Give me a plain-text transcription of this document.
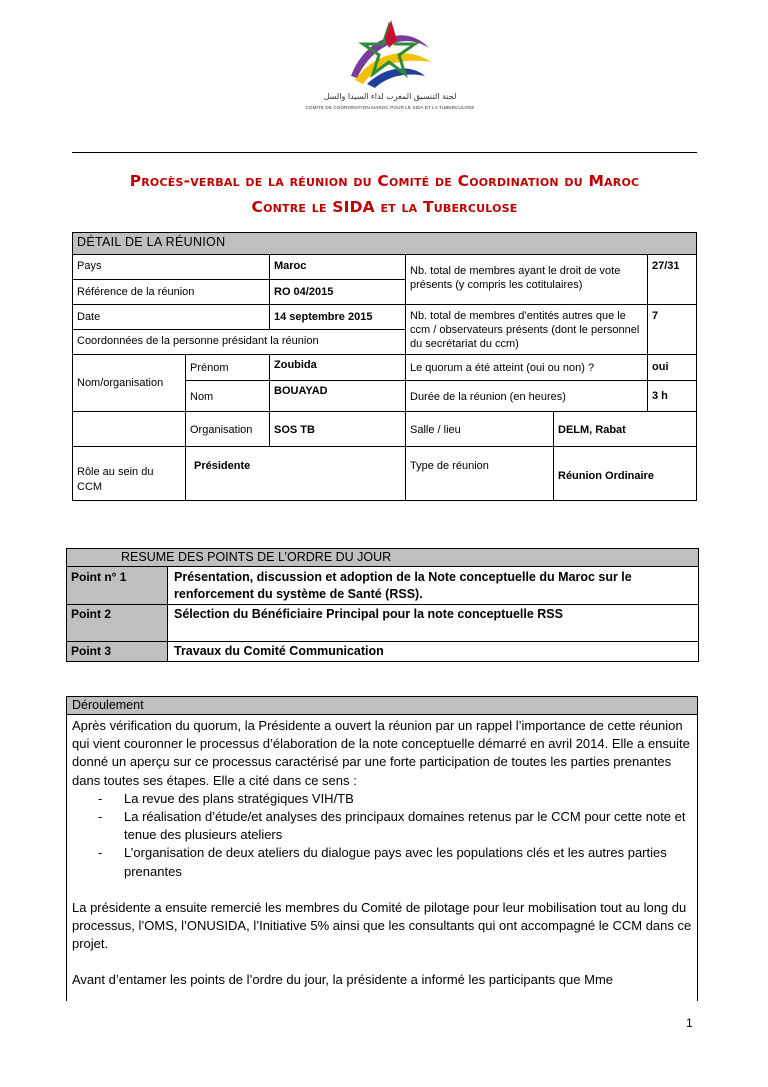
لجنة التنسيق المغرب لداء السيدا والسل
COMITE DE COORDINATION MAROC POUR LE SIDA ET LA TUBERCULOSE
Procès-verbal de la réunion du Comité de Coordination du Maroc
Contre le SIDA et la Tuberculose
DÉTAIL DE LA RÉUNION					
Pays		Maroc	Nb. total de membres ayant le droit de vote présents (y compris les cotitulaires)		27/31
Référence de la réunion		RO 04/2015			
Date		14 septembre 2015	Nb. total de membres d’entités autres que le ccm / observateurs présents (dont le personnel du secrétariat du ccm)		7
Coordonnées de la personne présidant la réunion					
Nom/organisation	Prénom	Zoubida	Le quorum a été atteint (oui ou non) ?		oui
	Nom	BOUAYAD	Durée de la réunion (en heures)		3 h
	Organisation	SOS TB	Salle / lieu	DELM, Rabat	
Rôle au sein du CCM	Présidente		Type de réunion	Réunion Ordinaire	
RESUME DES POINTS DE L’ORDRE DU JOUR	
Point n° 1	Présentation, discussion et adoption de la Note conceptuelle du Maroc sur le renforcement du système de Santé (RSS).
Point 2	Sélection du Bénéficiaire Principal pour la note conceptuelle RSS
Point 3	Travaux du Comité Communication
Déroulement

Après vérification du quorum, la Présidente a ouvert la réunion par un rappel l’importance de cette réunion qui vient couronner le processus d’élaboration de la note conceptuelle démarré en avril 2014. Elle a ensuite donné un aperçu sur ce processus caractérisé par une forte participation de toutes les parties prenantes dans toutes ses étapes. Elle a cité dans ce sens :

- La revue des plans stratégiques VIH/TB
- La réalisation d’étude/et analyses des principaux domaines retenus par le CCM pour cette note et tenue des plusieurs ateliers
- L’organisation de deux ateliers du dialogue pays avec les populations clés et les autres parties prenantes

La présidente a ensuite remercié les membres du Comité de pilotage pour leur mobilisation tout au long du processus, l’OMS, l’ONUSIDA, l’Initiative 5% ainsi que les consultants qui ont accompagné le CCM dans ce projet.

Avant d’entamer les points de l’ordre du jour, la présidente a informé les participants que Mme

1
